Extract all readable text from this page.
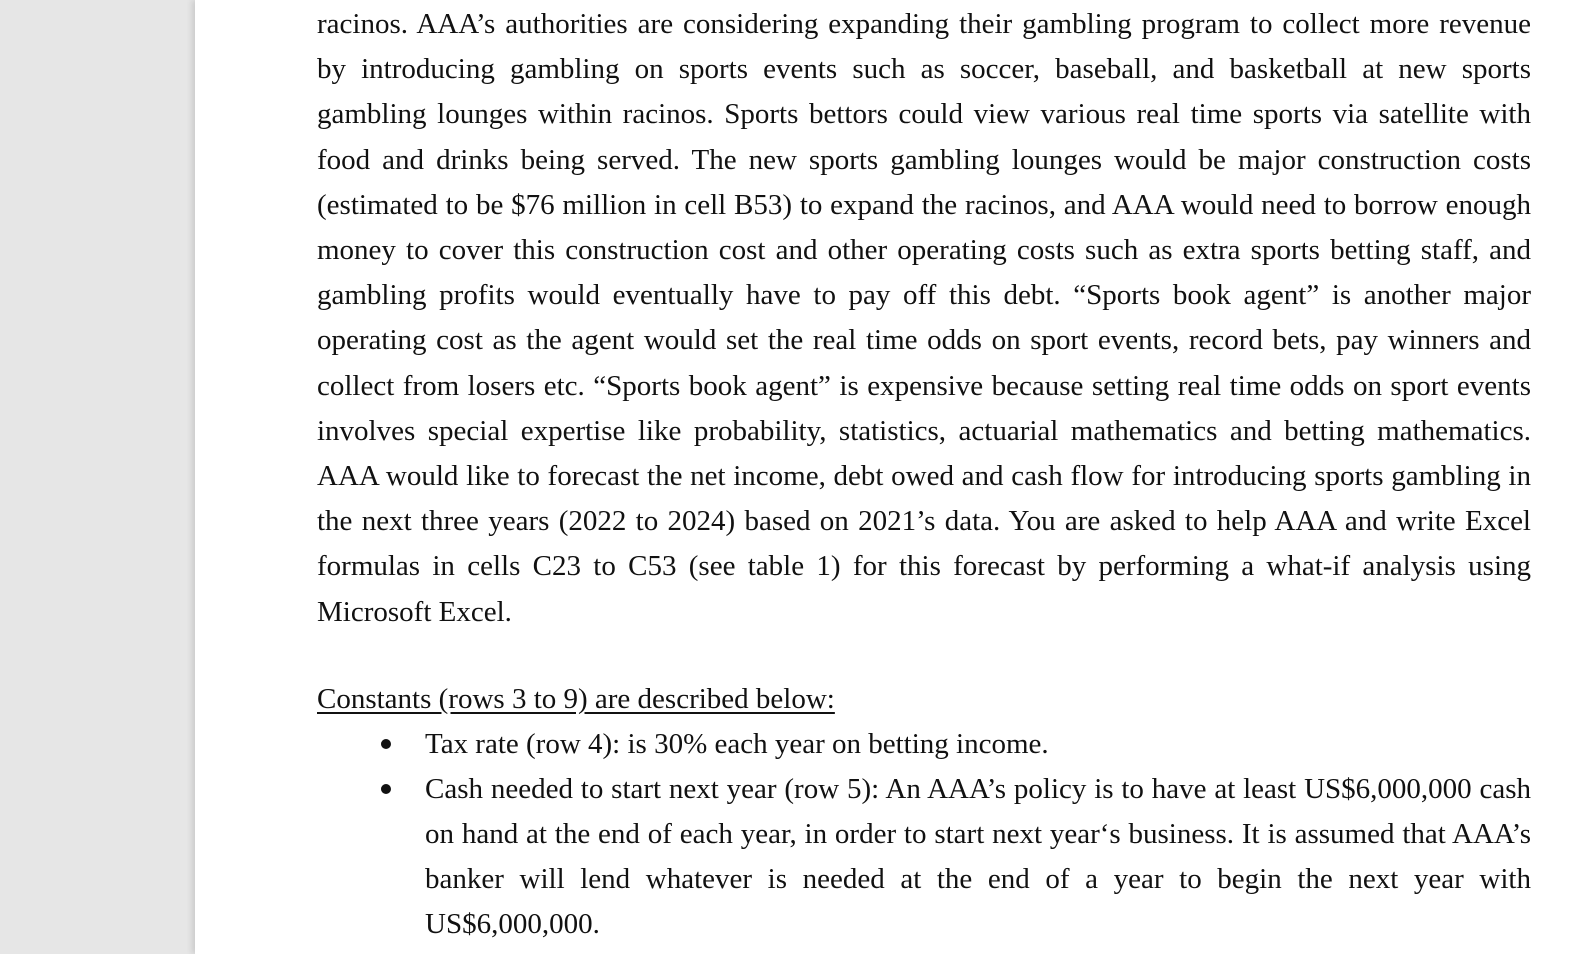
racinos. AAA’s authorities are considering expanding their gambling program to collect more revenue by introducing gambling on sports events such as soccer, baseball, and basketball at new sports gambling lounges within racinos. Sports bettors could view various real time sports via satellite with food and drinks being served. The new sports gambling lounges would be major construction costs (estimated to be $76 million in cell B53) to expand the racinos, and AAA would need to borrow enough money to cover this construction cost and other operating costs such as extra sports betting staff, and gambling profits would eventually have to pay off this debt. “Sports book agent” is another major operating cost as the agent would set the real time odds on sport events, record bets, pay winners and collect from losers etc. “Sports book agent” is expensive because setting real time odds on sport events involves special expertise like probability, statistics, actuarial mathematics and betting mathematics. AAA would like to forecast the net income, debt owed and cash flow for introducing sports gambling in the next three years (2022 to 2024) based on 2021’s data. You are asked to help AAA and write Excel formulas in cells C23 to C53 (see table 1) for this forecast by performing a what-if analysis using Microsoft Excel.

Constants (rows 3 to 9) are described below:

Tax rate (row 4): is 30% each year on betting income.
Cash needed to start next year (row 5): An AAA’s policy is to have at least US$6,000,000 cash on hand at the end of each year, in order to start next year‘s business. It is assumed that AAA’s banker will lend whatever is needed at the end of a year to begin the next year with US$6,000,000.
